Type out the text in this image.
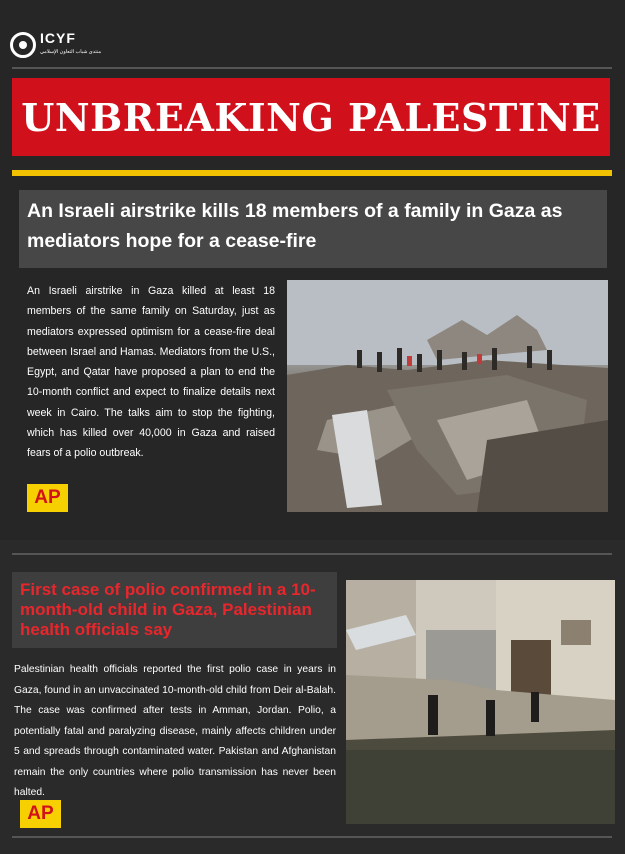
ICYF
منتدى شباب التعاون الإسلامي
UNBREAKING PALESTINE
An Israeli airstrike kills 18 members of a family in Gaza as mediators hope for a cease-fire
An Israeli airstrike in Gaza killed at least 18 members of the same family on Saturday, just as mediators expressed optimism for a cease-fire deal between Israel and Hamas. Mediators from the U.S., Egypt, and Qatar have proposed a plan to end the 10-month conflict and expect to finalize details next week in Cairo. The talks aim to stop the fighting, which has killed over 40,000 in Gaza and raised fears of a polio outbreak.
AP
First case of polio confirmed in a 10-month-old child in Gaza, Palestinian health officials say
Palestinian health officials reported the first polio case in years in Gaza, found in an unvaccinated 10-month-old child from Deir al-Balah. The case was confirmed after tests in Amman, Jordan. Polio, a potentially fatal and paralyzing disease, mainly affects children under 5 and spreads through contaminated water. Pakistan and Afghanistan remain the only countries where polio transmission has never been halted.
AP
